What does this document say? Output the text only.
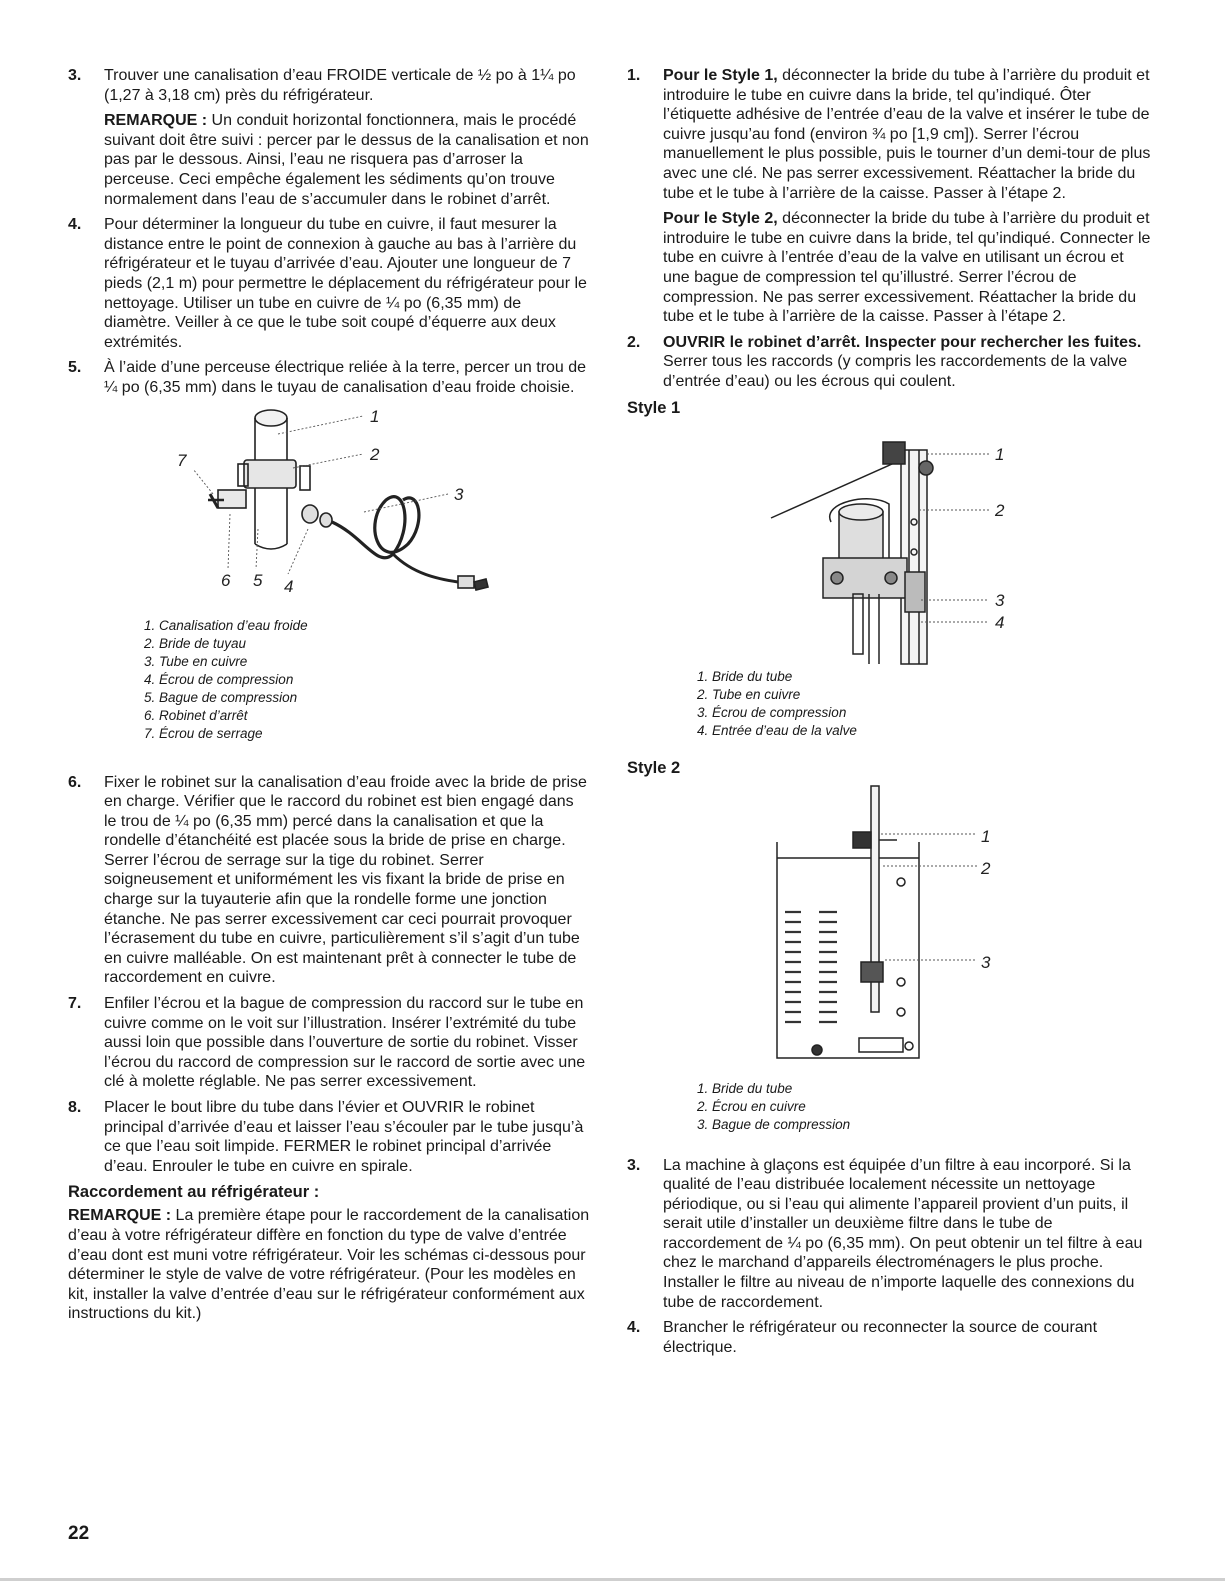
3. Trouver une canalisation d’eau FROIDE verticale de ½ po à 1¼ po (1,27 à 3,18 cm) près du réfrigérateur.
REMARQUE : Un conduit horizontal fonctionnera, mais le procédé suivant doit être suivi : percer par le dessus de la canalisation et non pas par le dessous. Ainsi, l’eau ne risquera pas d’arroser la perceuse. Ceci empêche également les sédiments qu’on trouve normalement dans l’eau de s’accumuler dans le robinet d’arrêt.
4. Pour déterminer la longueur du tube en cuivre, il faut mesurer la distance entre le point de connexion à gauche au bas à l’arrière du réfrigérateur et le tuyau d’arrivée d’eau. Ajouter une longueur de 7 pieds (2,1 m) pour permettre le déplacement du réfrigérateur pour le nettoyage. Utiliser un tube en cuivre de ¼ po (6,35 mm) de diamètre. Veiller à ce que le tube soit coupé d’équerre aux deux extrémités.
5. À l’aide d’une perceuse électrique reliée à la terre, percer un trou de ¼ po (6,35 mm) dans le tuyau de canalisation d’eau froide choisie.
1
2
3
7
6 5 4
1. Canalisation d’eau froide
2. Bride de tuyau
3. Tube en cuivre
4. Écrou de compression
5. Bague de compression
6. Robinet d’arrêt
7. Écrou de serrage
6. Fixer le robinet sur la canalisation d’eau froide avec la bride de prise en charge. Vérifier que le raccord du robinet est bien engagé dans le trou de ¼ po (6,35 mm) percé dans la canalisation et que la rondelle d’étanchéité est placée sous la bride de prise en charge. Serrer l’écrou de serrage sur la tige du robinet. Serrer soigneusement et uniformément les vis fixant la bride de prise en charge sur la tuyauterie afin que la rondelle forme une jonction étanche. Ne pas serrer excessivement car ceci pourrait provoquer l’écrasement du tube en cuivre, particulièrement s’il s’agit d’un tube en cuivre malléable. On est maintenant prêt à connecter le tube de raccordement en cuivre.
7. Enfiler l’écrou et la bague de compression du raccord sur le tube en cuivre comme on le voit sur l’illustration. Insérer l’extrémité du tube aussi loin que possible dans l’ouverture de sortie du robinet. Visser l’écrou du raccord de compression sur le raccord de sortie avec une clé à molette réglable. Ne pas serrer excessivement.
8. Placer le bout libre du tube dans l’évier et OUVRIR le robinet principal d’arrivée d’eau et laisser l’eau s’écouler par le tube jusqu’à ce que l’eau soit limpide. FERMER le robinet principal d’arrivée d’eau. Enrouler le tube en cuivre en spirale.
Raccordement au réfrigérateur :
REMARQUE : La première étape pour le raccordement de la canalisation d’eau à votre réfrigérateur diffère en fonction du type de valve d’entrée d’eau dont est muni votre réfrigérateur. Voir les schémas ci-dessous pour déterminer le style de valve de votre réfrigérateur. (Pour les modèles en kit, installer la valve d’entrée d’eau sur le réfrigérateur conformément aux instructions du kit.)
1. Pour le Style 1, déconnecter la bride du tube à l’arrière du produit et introduire le tube en cuivre dans la bride, tel qu’indiqué. Ôter l’étiquette adhésive de l’entrée d’eau de la valve et insérer le tube de cuivre jusqu’au fond (environ ¾ po [1,9 cm]). Serrer l’écrou manuellement le plus possible, puis le tourner d’un demi-tour de plus avec une clé. Ne pas serrer excessivement. Réattacher la bride du tube et le tube à l’arrière de la caisse. Passer à l’étape 2.
Pour le Style 2, déconnecter la bride du tube à l’arrière du produit et introduire le tube en cuivre dans la bride, tel qu’indiqué. Connecter le tube en cuivre à l’entrée d’eau de la valve en utilisant un écrou et une bague de compression tel qu’illustré. Serrer l’écrou de compression. Ne pas serrer excessivement. Réattacher la bride du tube et le tube à l’arrière de la caisse. Passer à l’étape 2.
2. OUVRIR le robinet d’arrêt. Inspecter pour rechercher les fuites. Serrer tous les raccords (y compris les raccordements de la valve d’entrée d’eau) ou les écrous qui coulent.
Style 1
1
2
3
4
1. Bride du tube
2. Tube en cuivre
3. Écrou de compression
4. Entrée d’eau de la valve
Style 2
1
2
3
1. Bride du tube
2. Écrou en cuivre
3. Bague de compression
3. La machine à glaçons est équipée d’un filtre à eau incorporé. Si la qualité de l’eau distribuée localement nécessite un nettoyage périodique, ou si l’eau qui alimente l’appareil provient d’un puits, il serait utile d’installer un deuxième filtre dans le tube de raccordement de ¼ po (6,35 mm). On peut obtenir un tel filtre à eau chez le marchand d’appareils électroménagers le plus proche. Installer le filtre au niveau de n’importe laquelle des connexions du tube de raccordement.
4. Brancher le réfrigérateur ou reconnecter la source de courant électrique.
22
